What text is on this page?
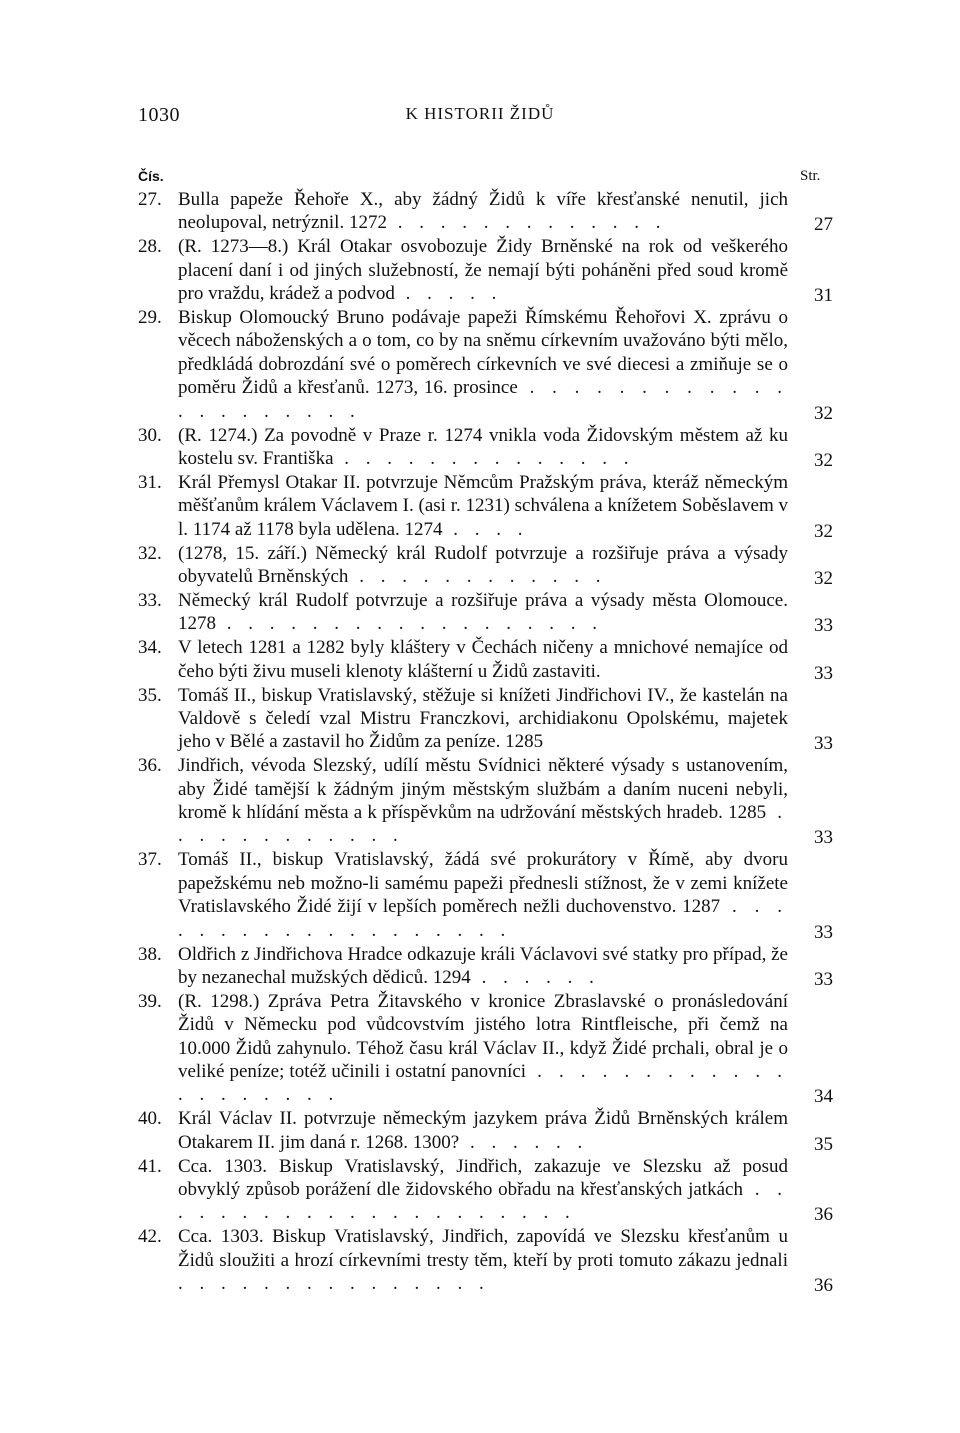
1030	K HISTORII ŽIDŮ
Čís.	Str.
27. Bulla papeže Řehoře X., aby žádný Židů k víře křesťanské nenutil, jich neolupoval, netrýznil. 1272 . . . . . . . . . . . . .	27
28. (R. 1273—8.) Král Otakar osvobozuje Židy Brněnské na rok od veškerého placení daní i od jiných služebností, že nemají býti poháněni před soud kromě pro vraždu, krádež a podvod . . . . .	31
29. Biskup Olomoucký Bruno podávaje papeži Římskému Řehořovi X. zprávu o věcech náboženských a o tom, co by na sněmu církevním uvažováno býti mělo, předkládá dobrozdání své o poměrech církevních ve své diecesi a zmiňuje se o poměru Židů a křesťanů. 1273, 16. prosince . . . . . . . . . . . . . . . . . . . . .	32
30. (R. 1274.) Za povodně v Praze r. 1274 vnikla voda Židovským městem až ku kostelu sv. Františka . . . . . . . . . . . . . .	32
31. Král Přemysl Otakar II. potvrzuje Němcům Pražským práva, kteráž německým měšťanům králem Václavem I. (asi r. 1231) schválena a knížetem Soběslavem v l. 1174 až 1178 byla udělena. 1274 . . . .	32
32. (1278, 15. září.) Německý král Rudolf potvrzuje a rozšiřuje práva a výsady obyvatelů Brněnských . . . . . . . . . . . .	32
33. Německý král Rudolf potvrzuje a rozšiřuje práva a výsady města Olomouce. 1278 . . . . . . . . . . . . . . . . . .	33
34. V letech 1281 a 1282 byly kláštery v Čechách ničeny a mnichové nemajíce od čeho býti živu museli klenoty klášterní u Židů zastaviti.	33
35. Tomáš II., biskup Vratislavský, stěžuje si knížeti Jindřichovi IV., že kastelán na Valdově s čeledí vzal Mistru Franczkovi, archidiakonu Opolskému, majetek jeho v Bělé a zastavil ho Židům za peníze. 1285	33
36. Jindřich, vévoda Slezský, udílí městu Svídnici některé výsady s ustanovením, aby Židé tamější k žádným jiným městským službám a daním nuceni nebyli, kromě k hlídání města a k příspěvkům na udržování městských hradeb. 1285 . . . . . . . . . . . .	33
37. Tomáš II., biskup Vratislavský, žádá své prokurátory v Římě, aby dvoru papežskému neb možno-li samému papeži přednesli stížnost, že v zemi knížete Vratislavského Židé žijí v lepších poměrech nežli duchovenstvo. 1287 . . . . . . . . . . . . . . . . . . .	33
38. Oldřich z Jindřichova Hradce odkazuje králi Václavovi své statky pro případ, že by nezanechal mužských dědiců. 1294 . . . . . .	33
39. (R. 1298.) Zpráva Petra Žitavského v kronice Zbraslavské o pronásledování Židů v Německu pod vůdcovstvím jistého lotra Rintfleische, při čemž na 10.000 Židů zahynulo. Téhož času král Václav II., když Židé prchali, obral je o veliké peníze; totéž učinili i ostatní panovníci . . . . . . . . . . . . . . . . . . . .	34
40. Král Václav II. potvrzuje německým jazykem práva Židů Brněnských králem Otakarem II. jim daná r. 1268. 1300? . . . . . .	35
41. Cca. 1303. Biskup Vratislavský, Jindřich, zakazuje ve Slezsku až posud obvyklý způsob porážení dle židovského obřadu na křesťanských jatkách . . . . . . . . . . . . . . . . . . . . .	36
42. Cca. 1303. Biskup Vratislavský, Jindřich, zapovídá ve Slezsku křesťanům u Židů sloužiti a hrozí církevními tresty těm, kteří by proti tomuto zákazu jednali . . . . . . . . . . . . . . .	36
